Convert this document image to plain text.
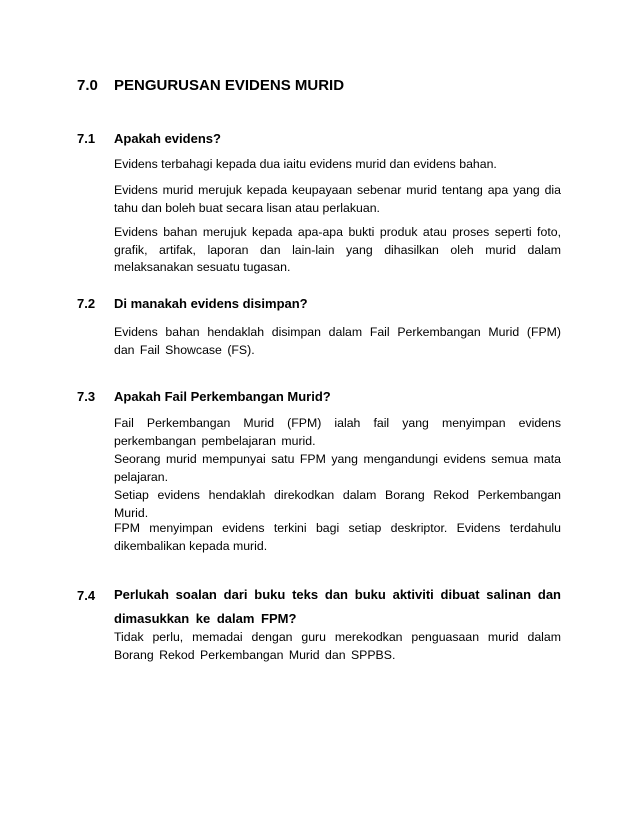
7.0 PENGURUSAN EVIDENS MURID
7.1 Apakah evidens?
Evidens terbahagi kepada dua iaitu evidens murid dan evidens bahan.
Evidens murid merujuk kepada keupayaan sebenar murid tentang apa yang dia tahu dan boleh buat secara lisan atau perlakuan.
Evidens bahan merujuk kepada apa-apa bukti produk atau proses seperti foto, grafik, artifak, laporan dan lain-lain yang dihasilkan oleh murid dalam melaksanakan sesuatu tugasan.
7.2 Di manakah evidens disimpan?
Evidens bahan hendaklah disimpan dalam Fail Perkembangan Murid (FPM) dan Fail Showcase (FS).
7.3 Apakah Fail Perkembangan Murid?
Fail Perkembangan Murid (FPM) ialah fail yang menyimpan evidens perkembangan pembelajaran murid.
Seorang murid mempunyai satu FPM yang mengandungi evidens semua mata pelajaran.
Setiap evidens hendaklah direkodkan dalam Borang Rekod Perkembangan Murid.
FPM menyimpan evidens terkini bagi setiap deskriptor. Evidens terdahulu dikembalikan kepada murid.
7.4 Perlukah soalan dari buku teks dan buku aktiviti dibuat salinan dan dimasukkan ke dalam FPM?
Tidak perlu, memadai dengan guru merekodkan penguasaan murid dalam Borang Rekod Perkembangan Murid dan SPPBS.
